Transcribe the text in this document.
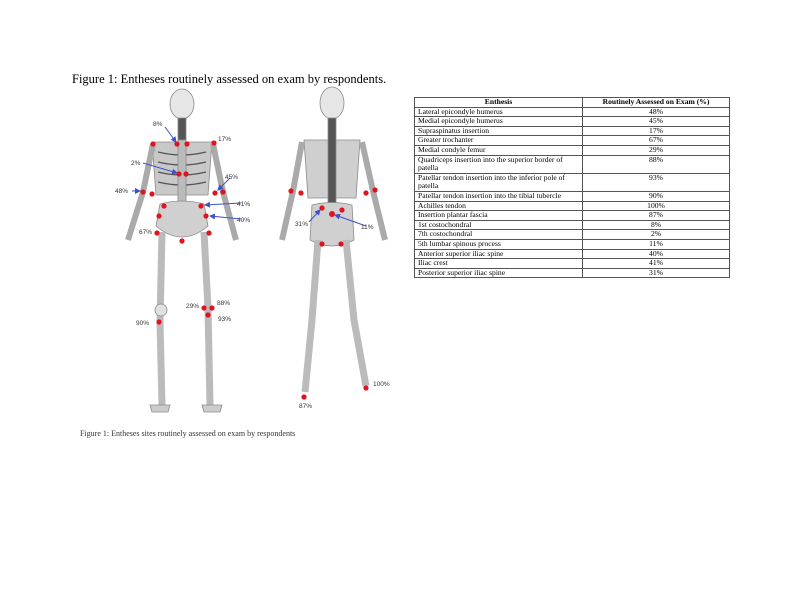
Figure 1: Entheses routinely assessed on exam by respondents.
8%
17%
2%
45%
48%
41%
40%
67%
29%	88%
93%
90%
31%	11%
100%
87%
Figure 1: Entheses sites routinely assessed on exam by respondents
Enthesis	Routinely Assessed on Exam (%)
Lateral epicondyle humerus	48%
Medial epicondyle humerus	45%
Supraspinatus insertion	17%
Greater trochanter	67%
Medial condyle femur	29%
Quadriceps insertion into the superior border of patella	88%
Patellar tendon insertion into the inferior pole of patella	93%
Patellar tendon insertion into the tibial tubercle	90%
Achilles tendon	100%
Insertion plantar fascia	87%
1st costochondral	8%
7th costochondral	2%
5th lumbar spinous process	11%
Anterior superior iliac spine	40%
Iliac crest	41%
Posterior superior iliac spine	31%
